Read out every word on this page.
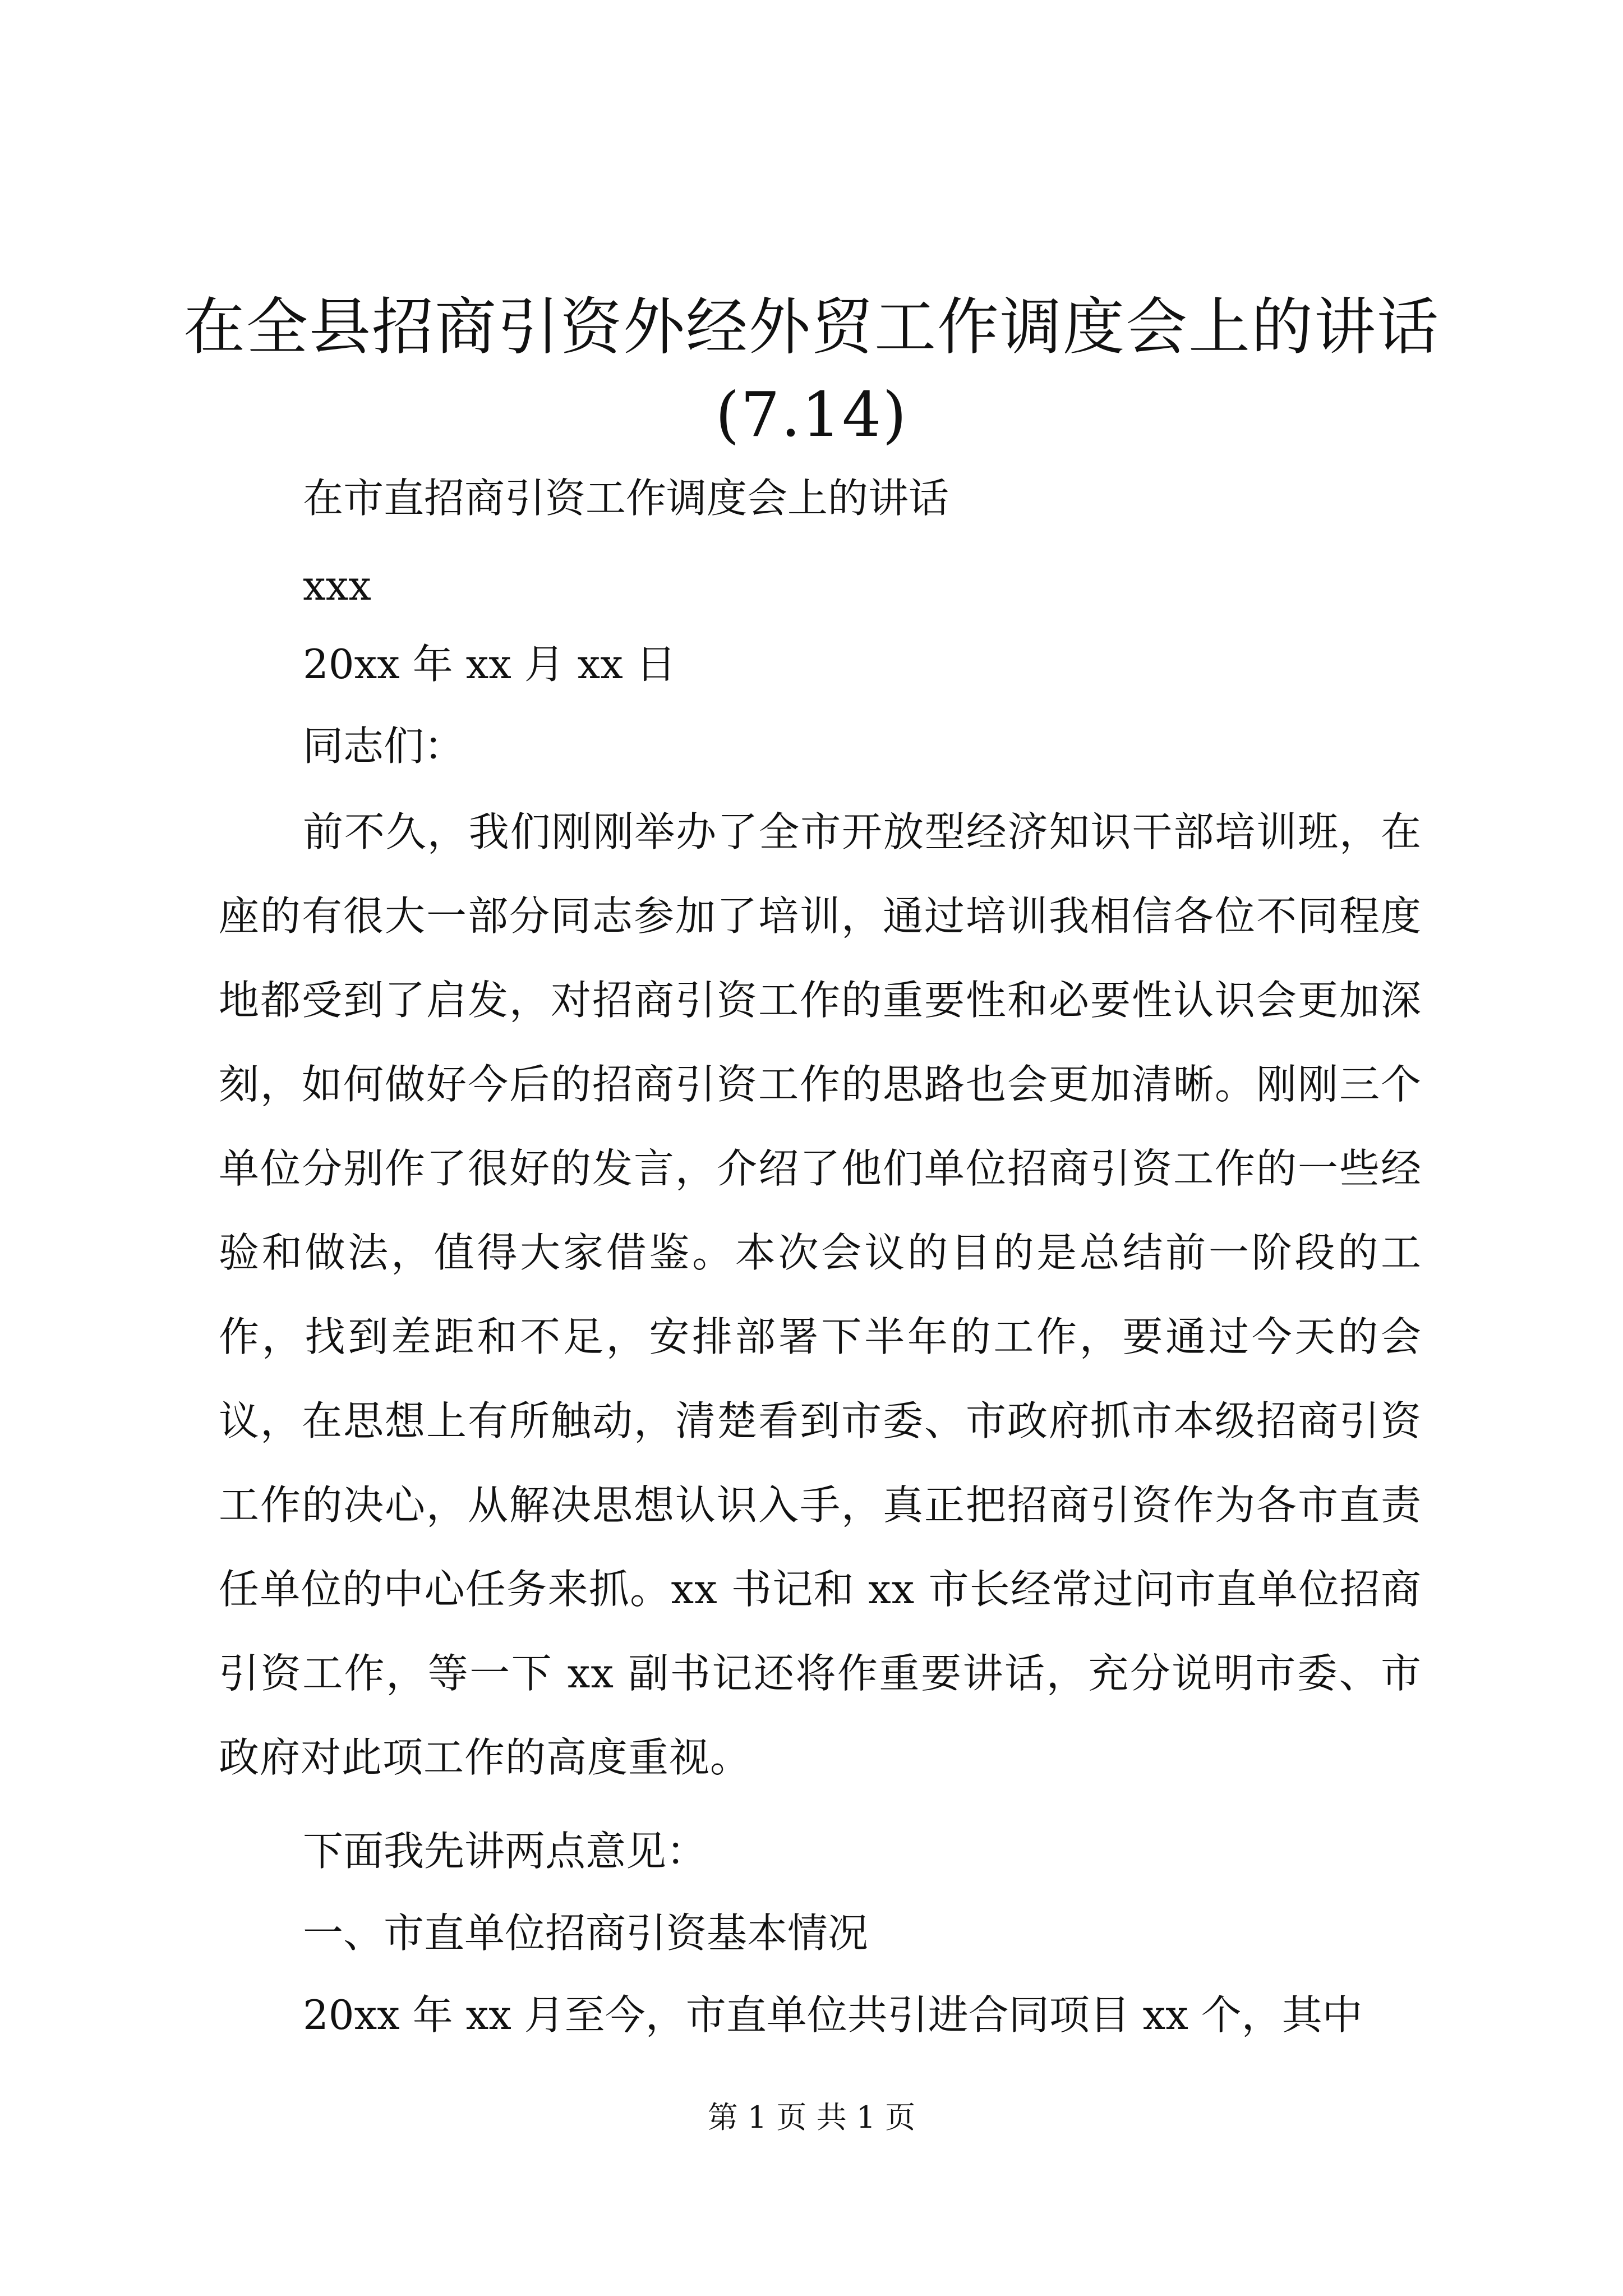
在全县招商引资外经外贸工作调度会上的讲话
(7.14)
在市直招商引资工作调度会上的讲话
xxx
20xx 年 xx 月 xx 日
同志们：

前不久，我们刚刚举办了全市开放型经济知识干部培训班，在座的有很大一部分同志参加了培训，通过培训我相信各位不同程度地都受到了启发，对招商引资工作的重要性和必要性认识会更加深刻，如何做好今后的招商引资工作的思路也会更加清晰。刚刚三个单位分别作了很好的发言，介绍了他们单位招商引资工作的一些经验和做法，值得大家借鉴。本次会议的目的是总结前一阶段的工作，找到差距和不足，安排部署下半年的工作，要通过今天的会议，在思想上有所触动，清楚看到市委、市政府抓市本级招商引资工作的决心，从解决思想认识入手，真正把招商引资作为各市直责任单位的中心任务来抓。xx 书记和 xx 市长经常过问市直单位招商引资工作，等一下 xx 副书记还将作重要讲话，充分说明市委、市政府对此项工作的高度重视。

下面我先讲两点意见：
一、市直单位招商引资基本情况
20xx 年 xx 月至今，市直单位共引进合同项目 xx 个，其中
第 1 页 共 1 页
